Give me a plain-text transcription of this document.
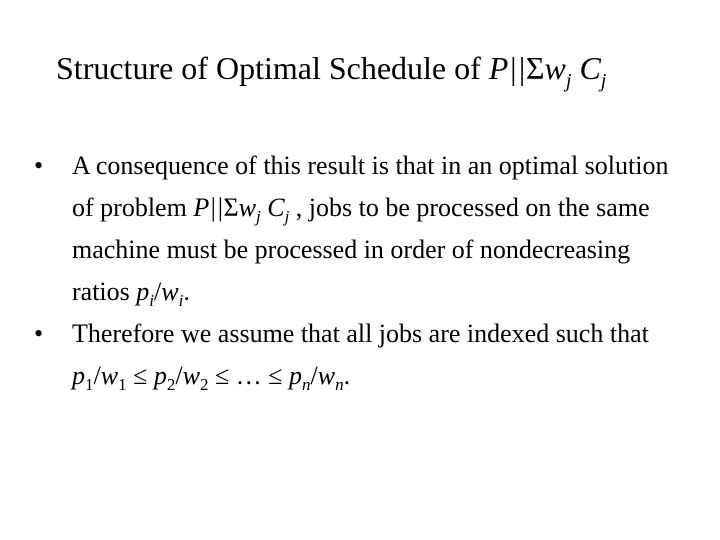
Structure of Optimal Schedule of $P||\Sigma w_j$ $C_j$
• A consequence of this result is that in an optimal solution of problem $P||\Sigma w_j$ $C_j$ , jobs to be processed on the same machine must be processed in order of nondecreasing ratios $p_i/w_i$.
• Therefore we assume that all jobs are indexed such that $p_1/w_1 \le p_2/w_2$ ≤ … ≤ $p_n/w_n$.
